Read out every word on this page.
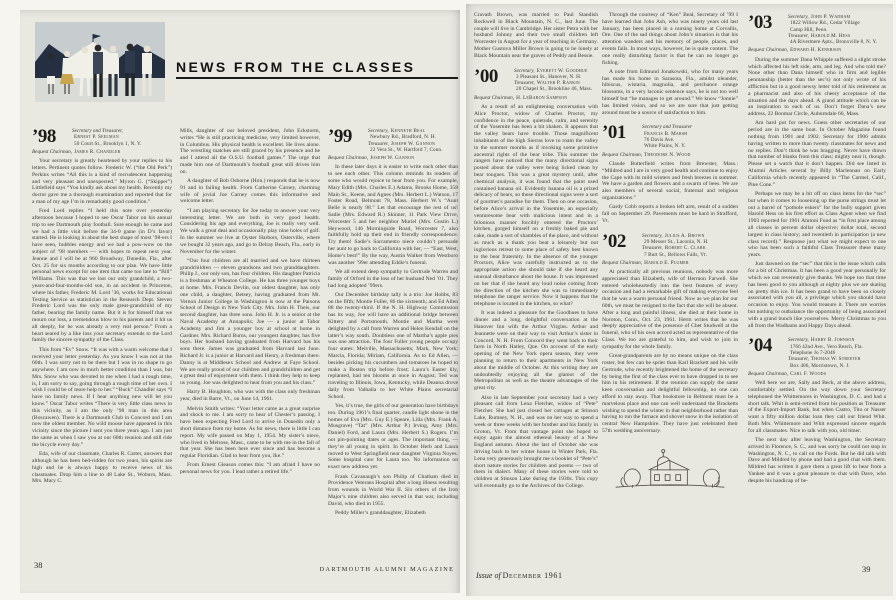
NEWS FROM THE CLASSES
’98	Secretary and Treasurer,
Ernest P. Seelman
50 Court St., Brooklyn 1, N. Y.
Bequest Chairman, James R. Chandler

Your secretary is greatly heartened by your replies to his letters. Pertinent quotes follow. Frederic W. (“the Old Perk”) Perkins writes “All this is a kind of recrudescent happening and very pleasant and unexpected.” Myron G. (“Skipper”) Littlefield says “You kindly ask about my health. Recently my doctor gave me a thorough examination and reported that for a man of my age I’m in remarkably good condition.”

Fred Lord replies “I held this note over yesterday afternoon because I hoped to see Oscar Tabor on his annual trip to see Dartmouth play football. Sure enough he came and we had a little visit before the 34-0 game (in D’s favor) started. He is looking in about the best shape of most ’98-ers I have seen, bubbles energy and we had a pow-wow on the subject of ’98 members — with hopes to repeat next year. Jeanne and I will be at 960 Broadway, Dunedin, Fla., after Oct. 25 for six months according to our plan. We have little personal news except for one item that came too late to “Bill” Williams. This was that we lost our only grandchild, a two-years-and-four-months-old son, in an accident in Princeton, where his father, Frederic M. Lord ’36, works for Educational Testing Service as statistician in the Research Dept. Steven Frederic Lord was the only male great-grandchild of my father, bearing the family name. But it is for himself that we mourn our loss, a tremendous blow to his parents and it hit us all deeply, for he was already a very real person.” From a heart seared by a like loss your secretary extends to the Lord family the sincere sympathy of the Class.

This from “Ev” Snow. “It was with a warm welcome that I received your letter yesterday. As you know I was not at the 60th. I was sorry not to be there but I was in no shape to go anywhere. I am now in much better condition than I was, but Mrs. Snow who was devoted to me when I had a rough time, is, I am sorry to say, going through a rough time of her own. I wish I could be of more help to her.” “Buck” Chandler says “I have no family news. If I hear anything new will let you know.” Oscar Tabor writes “There is very little class news in this vicinity, as I am the only ’98 man in this area (Boscawen). There is a Dartmouth Club in Concord and I am now the oldest member. No wild moose have appeared in this vicinity since the picture I sent you three years ago. I am just the same as when I saw you at our 60th reunion and still ride the bicycle every day.”

Eda, wife of our classmate, Charles R. Carter, answers that although he has been bed-ridden for two years, his spirits are high and he is always happy to receive news of his classmates. Drop him a line to 48 Lake St., Woburn, Mass. Mrs. Mary C.

Mills, daughter of our beloved president, John Eckstorm, writes “He is still practicing medicine, very limited however, in Columbus. His physical health is excellent. He lives alone. The wrestling matches are still graced by his presence and he and I attend all the O.S.U. football games.” The urge that made him one of Dartmouth’s football great still drives him on.

A daughter of Bob Osborne (Hon.) responds that he is now 91 and in failing health. From Catherine Carney, charming wife of jovial Joe Carney comes this informative and welcome letter.

“I am playing secretary for Joe today to answer your very interesting letter. We are both in very good health. Considering his age and everything, Joe is really very well. We walk a great deal and occasionally play nine holes of golf. In the summer we live at Oyster Harbors, Osterville, where we bought 32 years ago, and go to Delray Beach, Fla., early in November for the winter.

“Our four children are all married and we have thirteen grandchildren — eleven grandsons and two granddaughters. Philip J., our only son, has four children. His daughter Patricia is a freshman at Wheaton College. He has three younger boys at home. Mrs. Francis Devlin, our oldest daughter, has only one child, a daughter, Betsey, having graduated from Mt. Vernon Junior College in Washington is now at the Parsons School of Design in New York City. Mrs. John H. Theis, our second daughter, has three sons. John H. Jr. is a senior at the Naval Academy at Annapolis; Joe — a junior at Tabor Academy and Jim a younger boy at school at home in Gardner. Mrs. Richard Burns, our youngest daughter, has five boys. Her husband having graduated from Harvard has his sons there. James was graduated from Harvard last June. Richard Jr. is a junior at Harvard and Henry, a freshman there. Danny is at Middlesex School and Andrew at Faye School. We are really proud of our children and grandchildren and get a great deal of enjoyment with them. I think they help to keep us young. Joe was delighted to hear from you and his class.”

Harry B. Houghton, who was with the class only freshman year, died in Barre, Vt., on June 14, 1961.

Melvin Smith writes: “Your letter came as a great surprise and shock to me. I am sorry to hear of Chester’s passing. I have been expecting Fred Lord to arrive in Dunedin only a short distance from my home. As for news, there is little I can report. My wife passed on May 1, 1954. My sister’s niece, who lived in Melrose, Mass., came to be with me in the fall of that year. She has been here ever since and has become a regular Floridian. Glad to hear from you, Ike.”

From Ernest Gleason comes this: “I am afraid I have no personal news for you. I lead rather a retired life.”

’99	Secretary, Kenneth Beal
Newbury Rd., Bradford, N. H.
Treasurer, Joseph W. Gannon
22 Vera St., W. Hartford 7, Conn.
Bequest Chairman, Joseph W. Gannon

In these later days it is easier to write each other than to see each other. This column reminds its readers of some who would rejoice to hear from you. For example, Mary Edith (Mrs. Charles E.) Adams, Brooks Home, 358 Main St., Keene, and Agnes (Mrs. Herbert L.) Watson, 17 Foster Road, Belmont 78, Mass. Herbert W.’s “Aunt Belle is nearly 98.” Let that encourage the rest of us! Sadie (Mrs. Edward R.) Skinner, 11 Park View Drive, Worcester 5 and her neighbor Muriel (Mrs. Gustin L.) Heywood, 146 Morningside Road, Worcester 7, also faithfully hold up their end in friendly correspondence. Try them! Sadie’s Sacramento niece couldn’t persuade her aunt to go back to California with her, — “East, West, Home’s best!” By the way, Austin Walker from Westboro was another ’99er attending Eddie’s funeral.

We all extend deep sympathy to Gertrude Warren and family of Orford in the loss of her husband Ned ’01. They had long adopted ’99ers.

Our December birthday tally is a trio: Joe Hobbs, 83 on the fifth; Montie Fuller, 86 the sixteenth; and Ed Allen 88 the twenty-third. If the N. H. Highway Commission has its way, Joe will have an additional bridge between Kittery and Portsmouth. Montie and Martha were delighted by a call from Warren and Helen Kendall on the latter’s way south. Doubtless one of Martha’s apple pies was one attraction. The four Fuller young people occupy four states: Melville, Massachusetts; Mark, New York; Marcia, Florida; Miriam, California. As to Ed Allen, — besides picking his cucumbers and tomatoes he hoped to make a Boston trip before frost; Laura’s Easter lily, replanted, had ten blooms at once in August; Ted was traveling to Illinois, Iowa, Kentucky, while Deanna drove daily from Valhalla to her White Plains secretarial School.

Yes, it’s true, the girls of our generation have birthdays too. During 1961’s final quarter, candle light shone in the homes of Eva (Mrs. Guy E.) Speare, Lilla (Mrs. Frank A. Musgrave) “Tat” (Mrs. Arthur P.) Irving, Amy (Mrs. Daniel) Ford, and Laura (Mrs. Herbert S.) Rogers. I’m not pin-pointing dates or ages. The important thing, — they’re all young in spirit. In October Herb and Laura moved to West Springfield near daughter Virginia Noyes. Some hospital care for Laura too. No information on exact new address yet.

Frank Cavanaugh’s son Philip of Chatham died in Providence Veterans Hospital after a long illness resulting from wounds in World War II. Six others of the Iron Major’s nine children also served in that war, including David, who died in 1955.

Peddy Miller’s granddaughter, Elizabeth

38	DARTMOUTH ALUMNI MAGAZINE

Cravath Brown, was married to Paul Standish Rockwell in Black Mountain, N. C., last June. The couple will live in Cambridge. Her sister Petra with her husband Johnny and their two small children left Worcester in August for a year of teaching in Germany. Mother Gustova Miller Brown is going to be lonely at Black Mountain near the graves of Peddy and Bessie.

’00	Secretary, Everett W. Goodhue
3 Pleasant St., Hanover, N. H.
Treasurer, Walter P. Rankin
20 Chapel St., Brookline 46, Mass.
Bequest Chairman, H. LeBaron Sampson

As a result of an enlightening conversation with Alice Proctor, widow of Charles Proctor, my confidence in the peace, quietude, calm, and serenity of the Yosemite has been a bit shaken. It appears that the valley bears have trouble. Those magnificent inhabitants of the high Sierras love to roam the valley in the summer months as if invoking some primitive ancestral rights of the bear tribe. This summer the rangers have noticed that the many directional signs posted about the valley were being licked clean by bear tongues. This was a great mystery until, after chemical analysis, it was found that the paint used contained banana oil. Evidently banana oil is a prized delicacy of bears, so these directional signs were a sort of gourmet’s paradise for them. Then on one occasion, before Alice’s arrival in the Yosemite, an especially venturesome bear with malicious intent and in a felonious manner forcibly entered the Proctors’ kitchen, gorged himself on a freshly baked pie and cake, made a sort of shambles of the place, and without as much as a thank you beat a leisurely but not inglorious retreat to some place of safety best known to the bear fraternity. In the absence of the younger Proctors, Alice was carefully instructed as to the appropriate action she should take if she heard any unusual disturbance about the house. It was impressed on her that if she heard any loud noise coming from the direction of the kitchen she was to immediately telephone the ranger service. Now it happens that the telephone is located in the kitchen, so what?

It was indeed a pleasure for the Goodhues to have dinner and a long, delightful conversation at the Hanover Inn with the Arthur Virgins. Arthur and Jeannette were on their way to visit Arthur’s sister in Concord, N. H. From Concord they went back to their farm in North Hatley, Que. On account of the early opening of the New York opera season, they were planning to return to their apartments in New York about the middle of October. At this writing they are undoubtedly enjoying all the glamor of the Metropolitan as well as the theatre advantages of the great city.

Also in late September your secretary had a very pleasant call from Lena Fletcher, widow of “Pete” Fletcher. She had just closed her cottages at Stinson Lake, Rumney, N. H., and was on her way to spend a week or three weeks with her brother and his family in Groton, Vt. From that vantage point she hoped to enjoy again the almost ethereal beauty of a New England autumn. About the last of October she was driving back to her winter house in Winter Park, Fla. Lena very generously brought me a booklet of “Pete’s” short nature stories for children and poems — two of them in dialect. Many of these stories were told to children at Stinson Lake during the 1930s. This copy will eventually go to the Archives of the College.

Through the courtesy of “Ken” Beal, Secretary of ’99 I have learned that John Ash, who was ninety years old last January, has been placed in a nursing home at Corvallis, Ore. One of the sad things about John’s situation is that his attention wanders and his memory of people, places, and events fails. In most ways, however, he is quite content. The one really disturbing factor is that he can no longer go fishing.

A note from Edmund Jonakowski, who for many years has made his home in Sarasota, Fla., amidst oleander, hibiscus, wistaria, magnolia, and perchance orange blossoms, in a very laconic sentence says, he is not too well himself but “he manages to get around.” We know “Jonnie” has limited vision, and so we are sure that just getting around must be a source of satisfaction to him.

’01	Secretary and Treasurer
Francis B. Marsh
76 Davis Ave.
White Plains, N. Y.
Bequest Chairman, Theodore N. Wood

Claude Butterfield writes from Brewster, Mass.: “Mildred and I are in very good health and continue to enjoy the Cape with its mild winters and fresh breezes in summer. We have a garden and flowers and a swarm of bees. We are also members of several social, fraternal and religious organizations.”

Gardy Cobb reports a broken left arm, result of a sudden fall on September 29. Pavements must be hard in Strafford, Vt.

’02	Secretary, Julius A. Brown
29 Messer St., Laconia, N. H.
Treasurer, Robert C. Clark
7 Burt St., Bellows Falls, Vt.
Bequest Chairman, Harold E. Plumer

At practically all previous reunions, nobody was more appreciated than Elizabeth, wife of Hermon Farwell. She entered wholeheartedly into the best features of every occasion and had a remarkable gift of making everyone feel that he was a warm personal friend. Now as we plan for our 60th, we must be resigned to the fact that she will be absent. After a long and painful illness, she died at their home in Noroton, Conn., Oct. 23, 1961. Herm writes that he was deeply appreciative of the presence of Chet Studwell at the funeral, who of his own accord acted as representative of the Class. We too are grateful to him, and wish to join in sympathy for the whole family.

Great-grandparents are by no means unique on the class roster, but few can be sprier than Karl Brackett and his wife Gertrude, who recently brightened the home of the secretary by being the first of the class ever to have dropped in to see him in his retirement. If the reunion can supply the same keen conversation and delightful fellowship, no one can afford to stay away. That bookstore in Belmont must be a marvelous place and one can well understand the Bracketts wishing to spend the winter in that neighborhood rather than having to run the furnace and shovel snow in the isolation of central New Hampshire. They have just celebrated their 57th wedding anniversary.

’03	Secretary, John P. Wadham
1822 Willow Rd., Cedar Village
Camp Hill, Penn.
Treasurer, Harold M. Hess
4A Rivermere Apts., Bronxville 8, N. Y.
Bequest Chairman, Edward H. Kenerson

During the summer Dana Whipple suffered a slight stroke which affected his left side, arm, and leg. And who told me? None other than Dana himself who in firm and legible penmanship (better than the sec’s) not only wrote of his affliction but in a good newsy letter told of his retirement as a pharmacist and also of his cheery acceptance of the situation and the days ahead. A grand attitude which can be an inspiration to each of us. Don’t forget Dana’s new address, 22 Bonmar Circle, Auburndale 66, Mass.

Am hard put for news. Guess other secretaries of our period are in the same boat. In October Magazine found nothing from 1901 and 1902. Secretary for 1906 admits having written to more than twenty classmates for news and no replies. Don’t think he was bragging. Never have drawn that number of blanks from this class; mighty near it, though. Please set a watch that it don’t happen. Did see listed in Alumni Articles several by Billy Maclennan on Early California which recently appeared in “The Carmel, Calif., Pine Cone.”

Perhaps we may be a bit off on class items for the “sec” but when it comes to loosening up the purse strings must let out a barrel of “pothole eskers” for the bully support given Harold Hess on his first effort as Class Agent when we find 1903 reported for 1961 Alumni Fund as “in first place among all classes in percent dollar objective; dollar total, second largest in class history; and twentieth in participation (a new class record).” Response just what we might expect to one who has been such a faithful Class Treasurer these many years.

Just dawned on the “sec” that this is the issue which calls for a bit of Christmas. It has been a good year personally for which we can reverently give thanks. We hope too that time has been good to you although at eighty plus we are skating on pretty thin ice. It has been grand to have been so closely associated with you all, a privilege which you should have occasion to enjoy. You would treasure it. There are worries but nothing to outbalance the opportunity of being associated with a grand bunch like yourselves. Merry Christmas to you all from the Wadhams and Happy Days ahead.

’04	Secretary, Harry B. Johnson
1766 42nd Ave., Vero Beach, Fla.
Telephone Jo 7-2046
Treasurer, Thomas W. Streeter
Box 406, Morristown, N. J.
Bequest Chairman, Carl F. Woods

Well here we are, Sally and Beck, at the above address, comfortably settled. On the way down your Secretary telephoned the Whittemores in Washington, D. C. and had a short talk. Whit is semi-retired from his position as Treasurer of the Export-Import Bank, but when Castro, Tito or Nasser want a fifty million dollar loan they call our friend Whit. Both Mrs. Whittemore and Whit expressed sincere regards for all classmates. Nice to talk with you, old timer.

The next day after leaving Washington, the Secretary arrived in Florence, S. C., and was sorry he could not stop in Washington, N. C., to call on the Fords. But he did talk with Dave and Mildred by phone and had a good chat with them. Mildred has written it gave them a great lift to hear from a Yankee and it was a great pleasure to chat with Dave, who despite his handicap of be-

Issue of December 1961
39
